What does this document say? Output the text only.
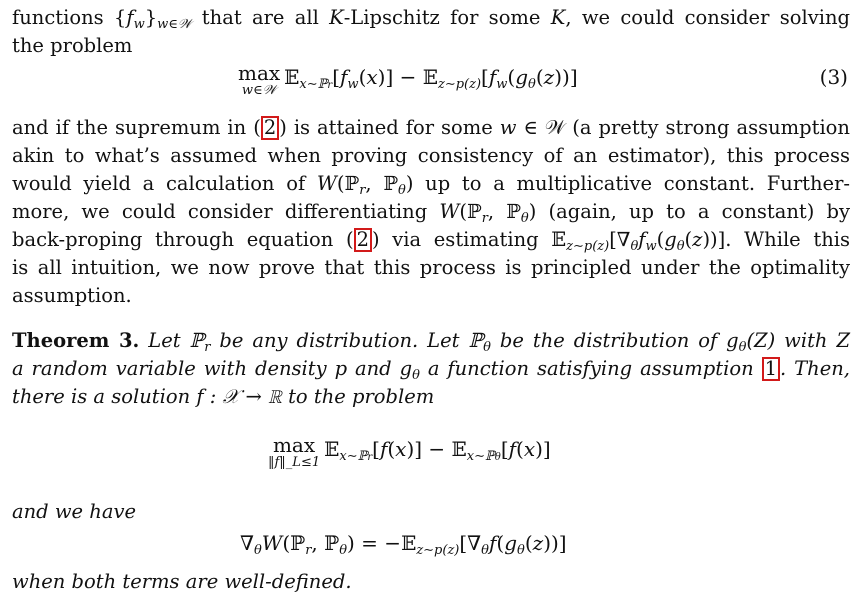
functions $\{f_w\}_{w\in 𝒲}$ that are all K-Lipschitz for some K, we could consider solving
the problem
max
w∈𝒲
$𝔼_{x\sim ℙr}[f_w(x)]$ − $𝔼_{z\sim p(z)}[f_w(g_\theta(z))]$	(3)
and if the supremum in ( 2 ) is attained for some w ∈ 𝒲 (a pretty strong assumption
akin to what’s assumed when proving consistency of an estimator), this process
would yield a calculation of W(ℙ$_r$, ℙ$_\theta$) up to a multiplicative constant. Further-
more, we could consider differentiating W(ℙ$_r$, ℙ$_\theta$) (again, up to a constant) by
back-proping through equation ( 2 ) via estimating $𝔼_{z\sim p(z)}[\nabla_\theta f_w(g_\theta(z))]$. While this
is all intuition, we now prove that this process is principled under the optimality
assumption.
Theorem 3. Let ℙ$_r$ be any distribution. Let ℙ$_\theta$ be the distribution of $g_\theta(Z)$ with Z
a random variable with density p and $g_\theta$ a function satisfying assumption 1 . Then,
there is a solution f : 𝒳 → ℝ to the problem
max
‖f‖_L≤1
𝔼$_{x\sim ℙr}$[f(x)] − 𝔼$_{x\sim ℙ\theta}$[f(x)]
and we have
$\nabla_\theta W(ℙ_r$, ℙ$_\theta$) = $-𝔼_{z\sim p(z)}[\nabla_\theta f(g_\theta(z))]$
when both terms are well-defined.
